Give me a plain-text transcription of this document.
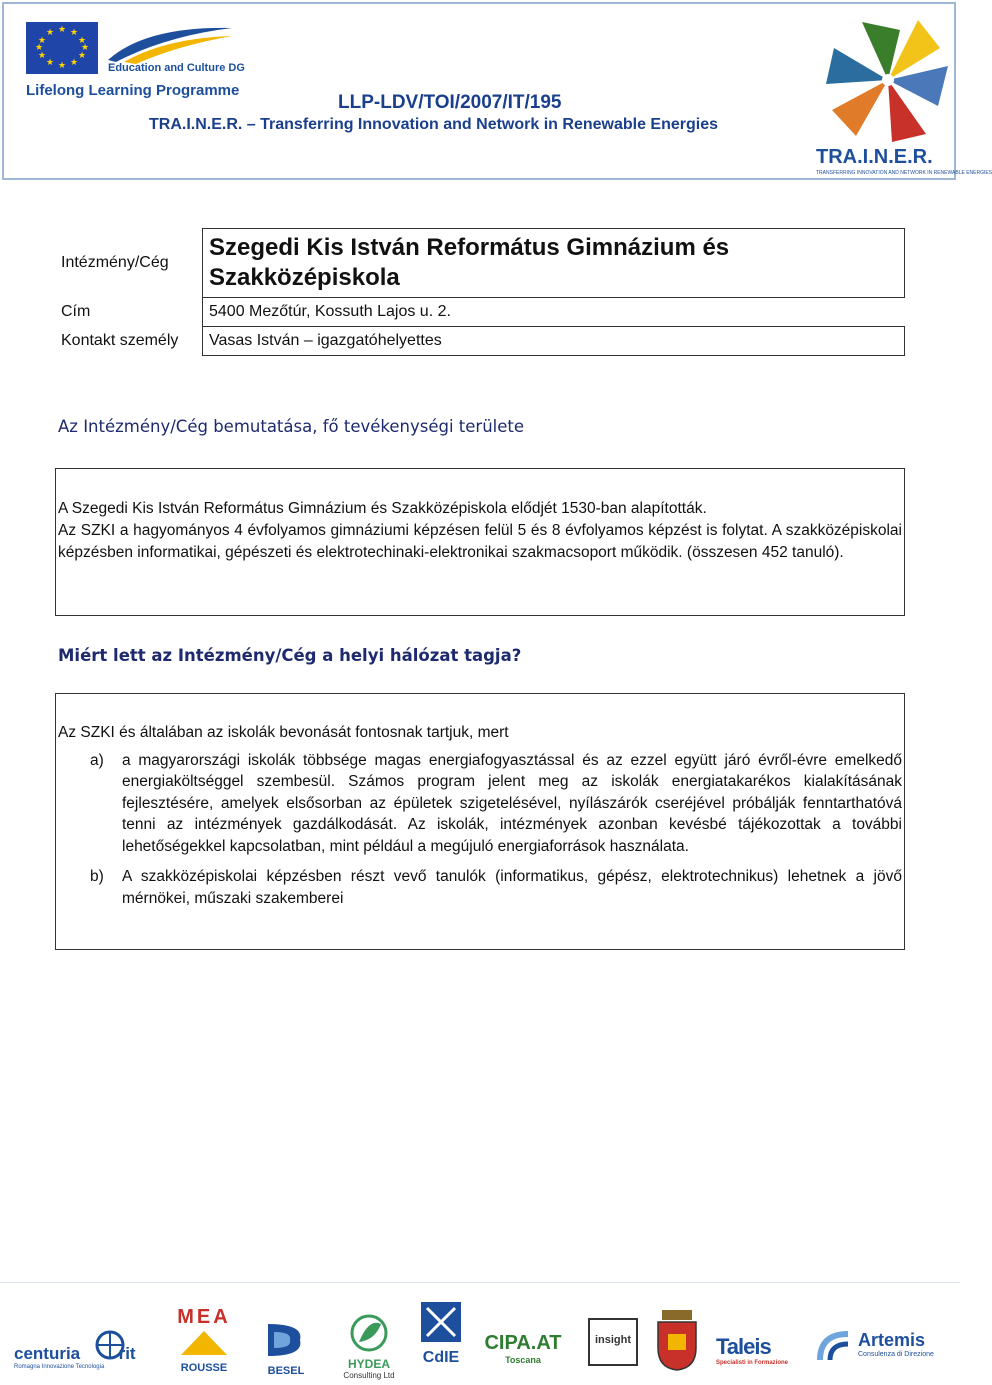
★ ★
★
★
★
★
★
★
★
★
★
★
Education and Culture DG
Lifelong Learning Programme
LLP-LDV/TOI/2007/IT/195
TRA.I.N.E.R. – Transferring Innovation and Network in Renewable Energies
TRA.I.N.E.R.
TRANSFERRING INNOVATION AND NETWORK IN RENEWABLE ENERGIES
Intézmény/Cég	Szegedi Kis István Református Gimnázium és Szakközépiskola
Cím	5400 Mezőtúr, Kossuth Lajos u. 2.
Kontakt személy	Vasas István – igazgatóhelyettes
Az Intézmény/Cég bemutatása, fő tevékenységi területe

A Szegedi Kis István Református Gimnázium és Szakközépiskola elődjét 1530-ban alapították.

Az SZKI a hagyományos 4 évfolyamos gimnáziumi képzésen felül 5 és 8 évfolyamos képzést is folytat. A szakközépiskolai képzésben informatikai, gépészeti és elektrotechinaki-elektronikai szakmacsoport működik. (összesen 452 tanuló).

Miért lett az Intézmény/Cég a helyi hálózat tagja?

Az SZKI és általában az iskolák bevonását fontosnak tartjuk, mert

a) a magyarországi iskolák többsége magas energiafogyasztással és az ezzel együtt járó évről-évre emelkedő energiaköltséggel szembesül. Számos program jelent meg az iskolák energiatakarékos kialakításának fejlesztésére, amelyek elsősorban az épületek szigetelésével, nyílászárók cseréjével próbálják fenntarthatóvá tenni az intézmények gazdálkodását. Az iskolák, intézmények azonban kevésbé tájékozottak a további lehetőségekkel kapcsolatban, mint például a megújuló energiaforrások használata.
b) A szakközépiskolai képzésben részt vevő tanulók (informatikus, gépész, elektrotechnikus) lehetnek a jövő mérnökei, műszaki szakemberei
centuria rit
Romagna Innovazione Tecnologia
MEA
ROUSSE	BESEL	HYDEA
Consulting Ltd
CdIE
CIPA.AT
Toscana
insight	Taleis
Specialisti in Formazione
Artemis
Consulenza di Direzione
